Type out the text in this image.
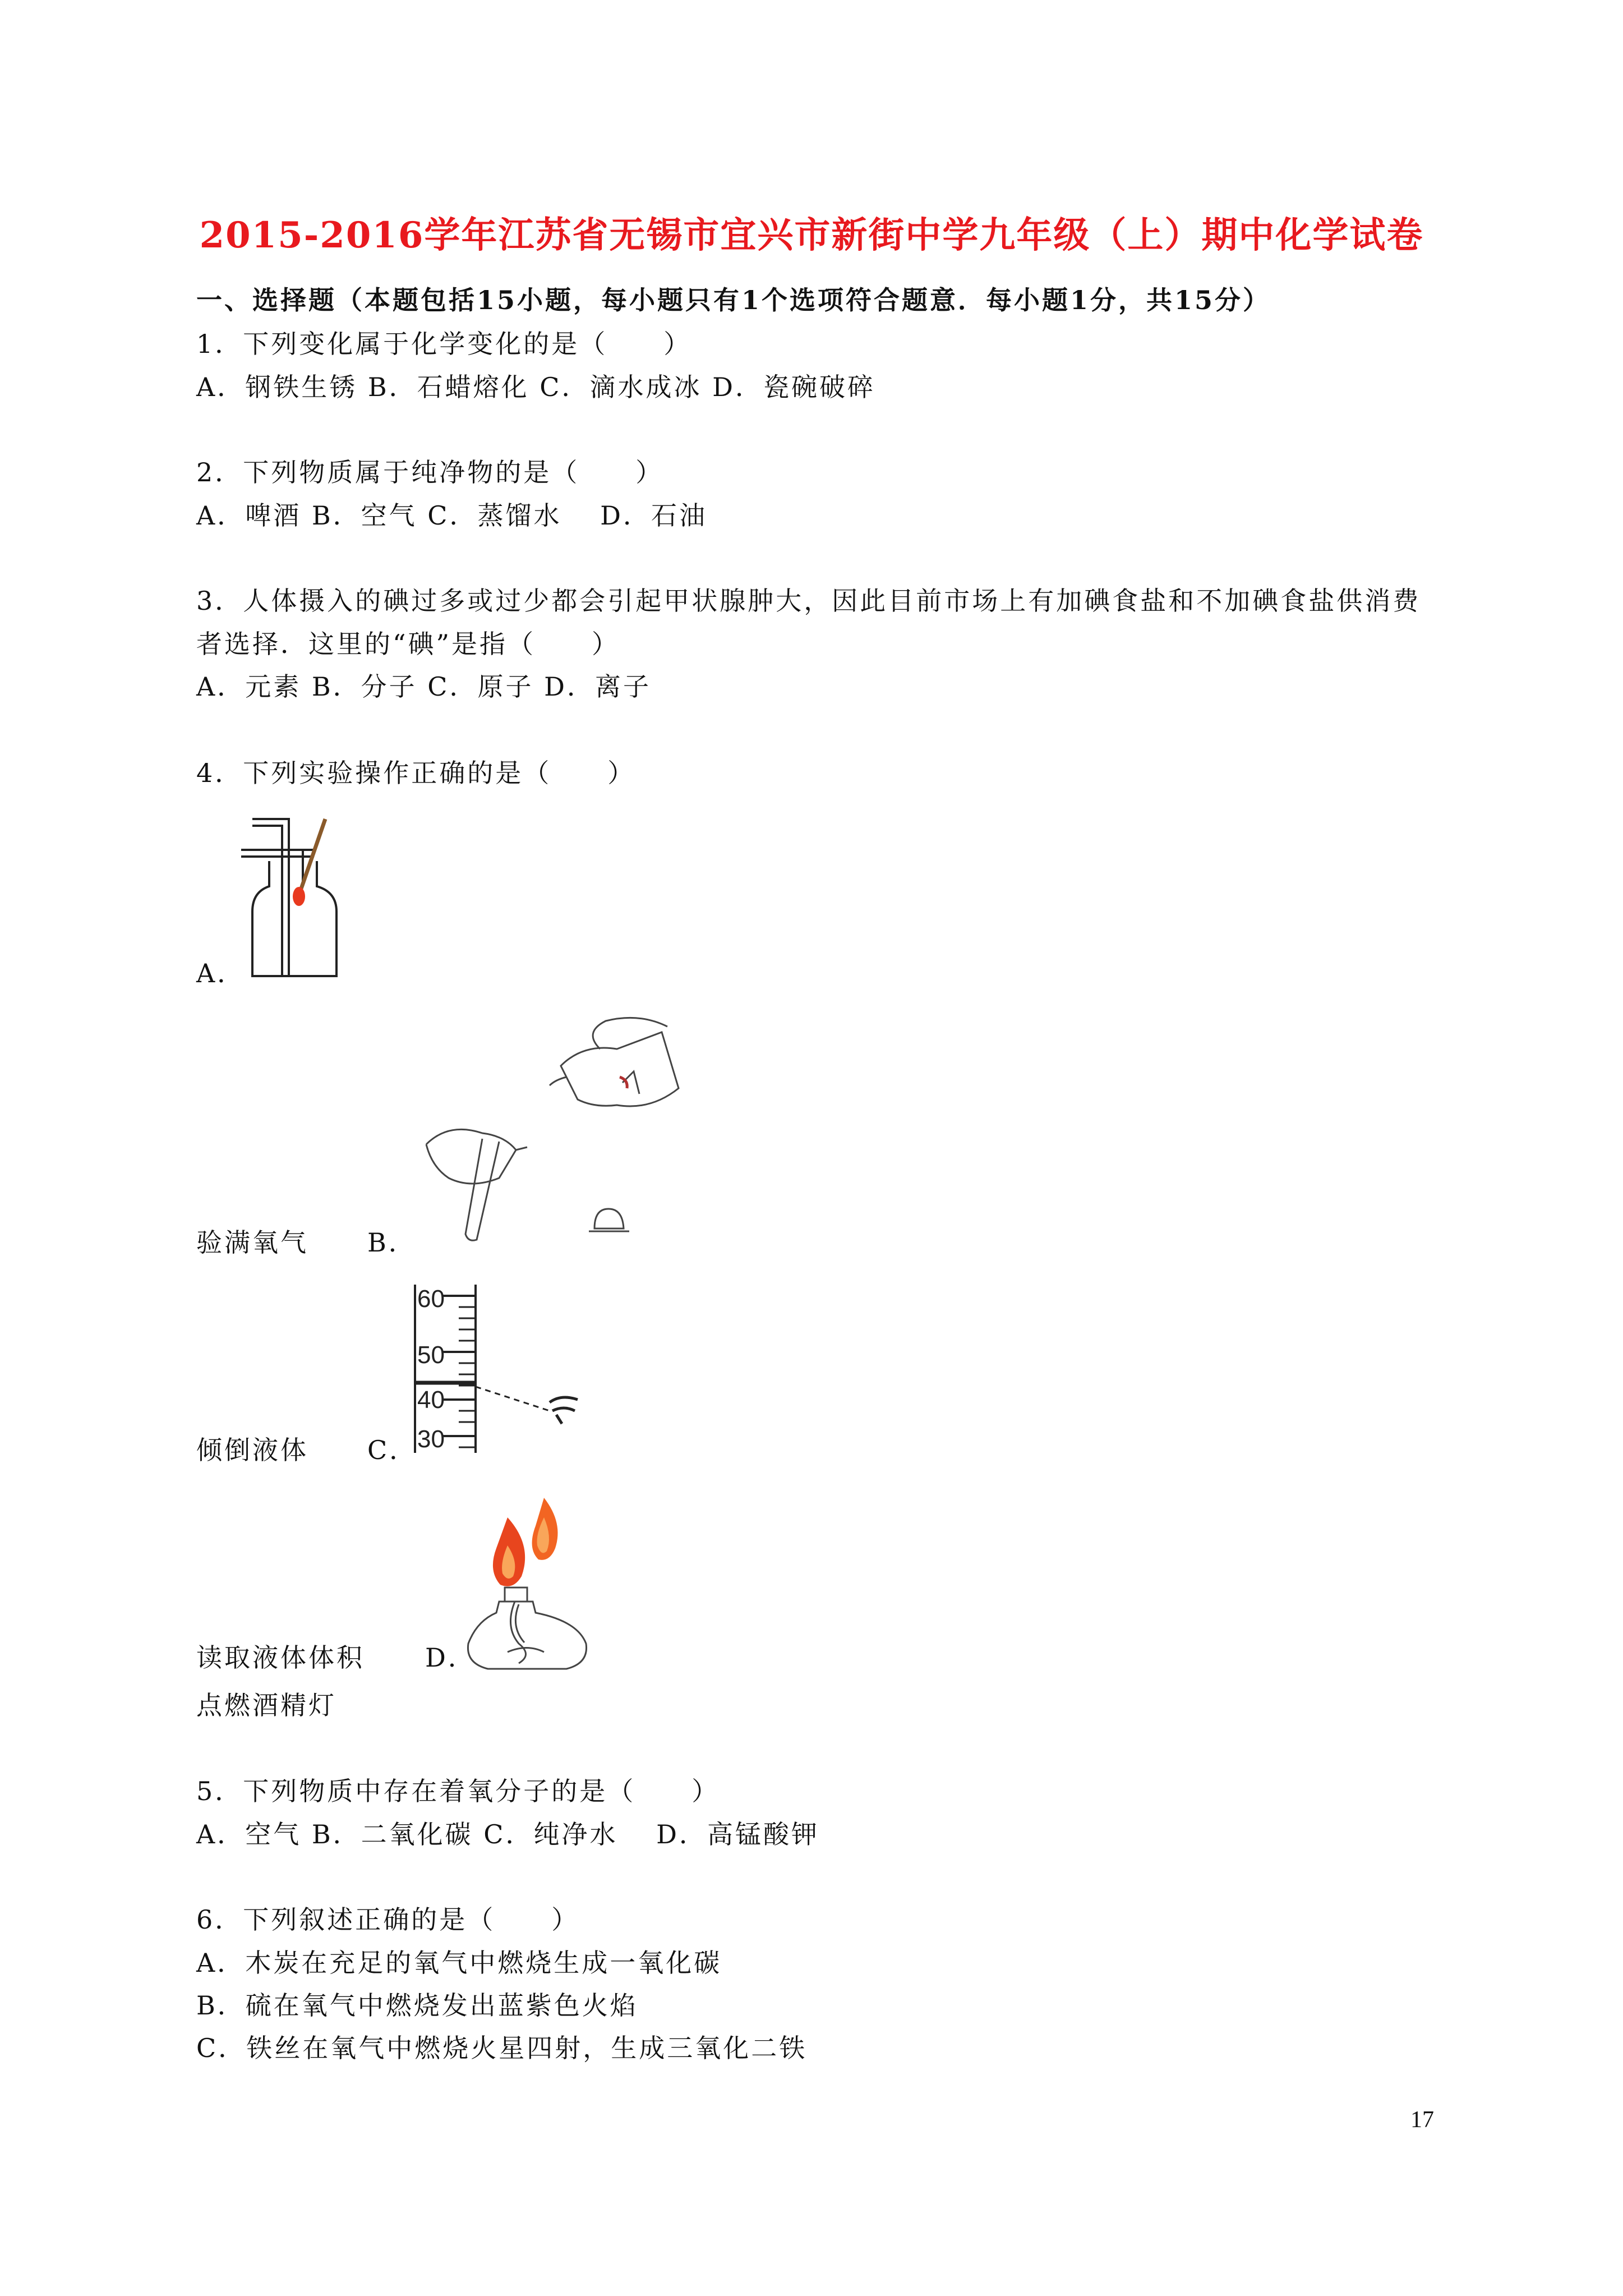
2015-2016学年江苏省无锡市宜兴市新街中学九年级（上）期中化学试卷
一、选择题（本题包括15小题，每小题只有1个选项符合题意．每小题1分，共15分）
1．下列变化属于化学变化的是（　　）
A．钢铁生锈 B．石蜡熔化 C．滴水成冰 D．瓷碗破碎
2．下列物质属于纯净物的是（　　）
A．啤酒 B．空气 C．蒸馏水　 D．石油
3．人体摄入的碘过多或过少都会引起甲状腺肿大，因此目前市场上有加碘食盐和不加碘食盐供消费
者选择．这里的“碘”是指（　　）
A．元素 B．分子 C．原子 D．离子
4．下列实验操作正确的是（　　）
A．
验满氧气 B．
60
50
40
30
倾倒液体 C．
读取液体体积 D．
点燃酒精灯
5．下列物质中存在着氧分子的是（　　）
A．空气 B．二氧化碳 C．纯净水　 D．高锰酸钾
6．下列叙述正确的是（　　）
A．木炭在充足的氧气中燃烧生成一氧化碳
B．硫在氧气中燃烧发出蓝紫色火焰
C．铁丝在氧气中燃烧火星四射，生成三氧化二铁
17
